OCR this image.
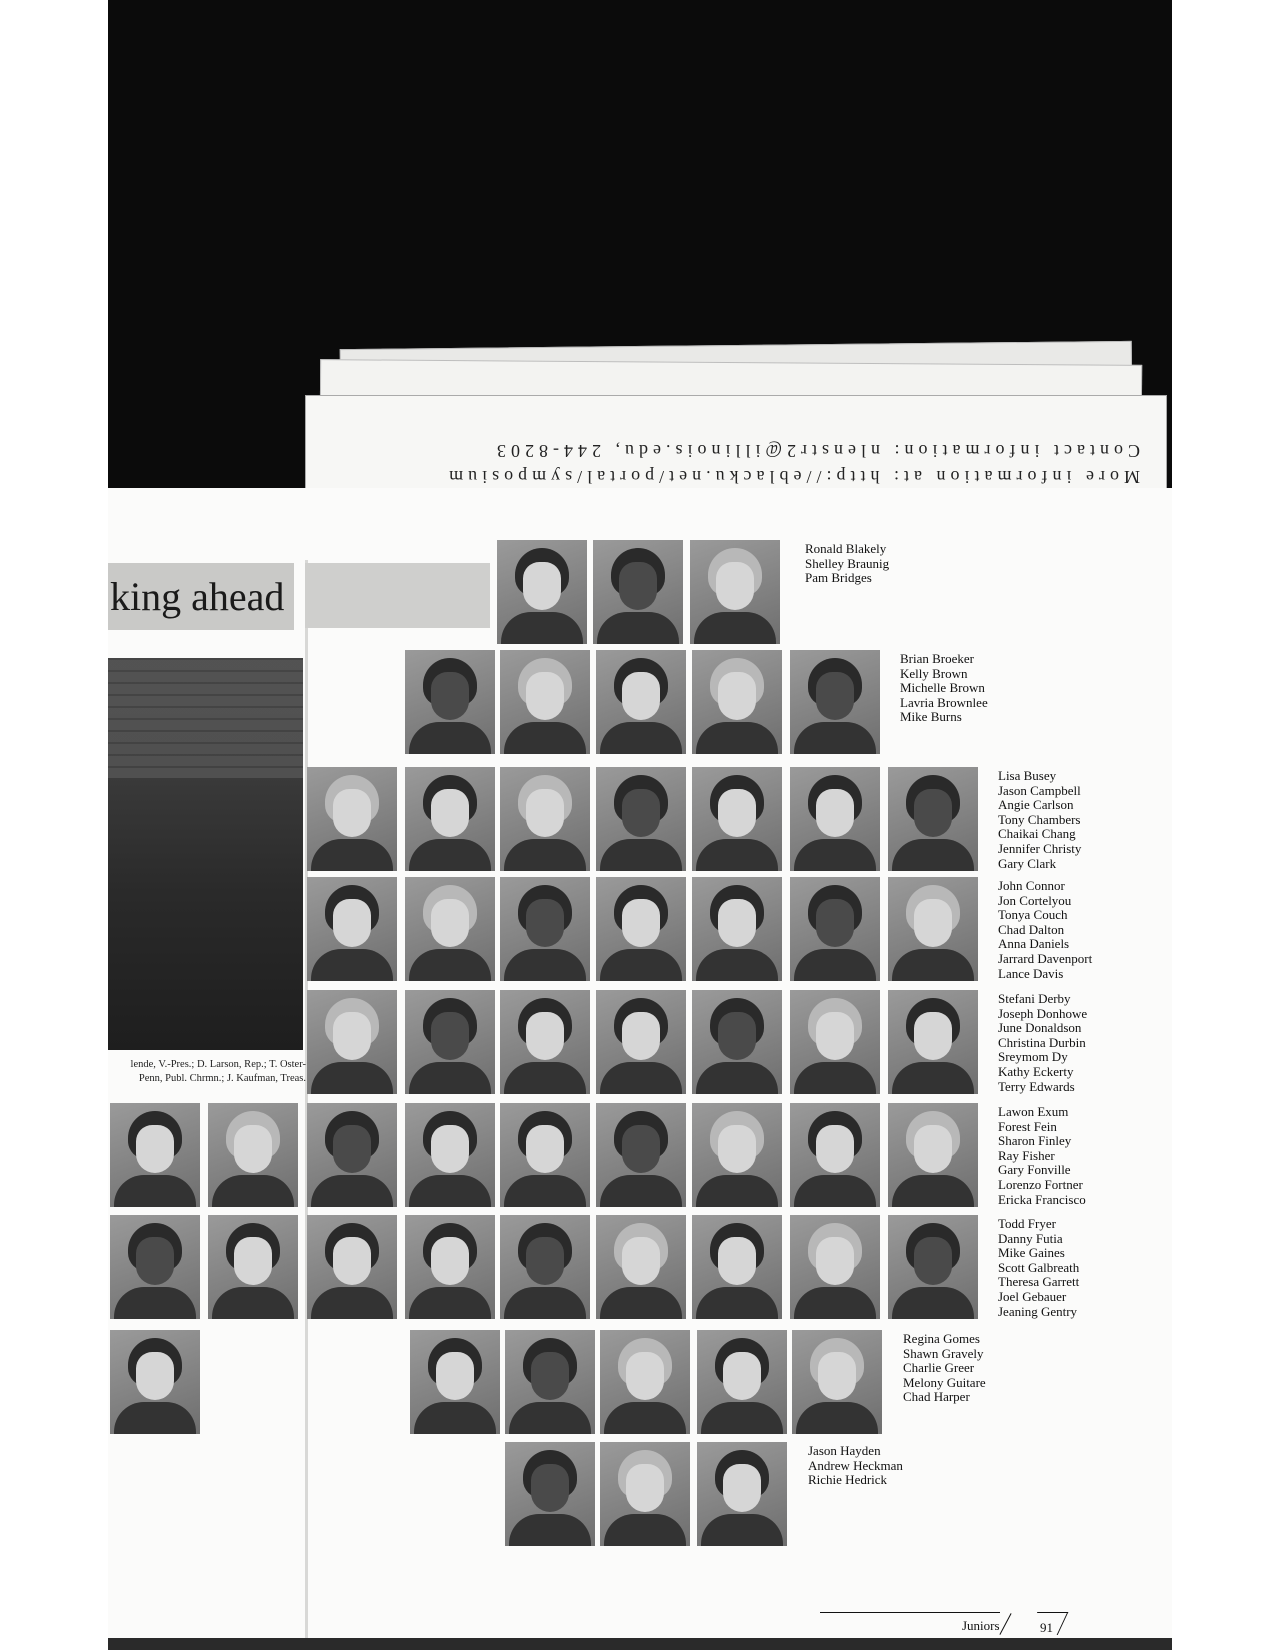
More information at: http://eblacku.net/portal/symposium
Contact information: nlenstr2@illinois.edu, 244-8203
king ahead
lende, V.-Pres.; D. Larson, Rep.; T. Oster- Penn, Publ. Chrmn.; J. Kaufman, Treas.
Juniors	91
Ronald Blakely
Shelley Braunig
Pam Bridges
Brian Broeker
Kelly Brown
Michelle Brown
Lavria Brownlee
Mike Burns
Lisa Busey
Jason Campbell
Angie Carlson
Tony Chambers
Chaikai Chang
Jennifer Christy
Gary Clark
John Connor
Jon Cortelyou
Tonya Couch
Chad Dalton
Anna Daniels
Jarrard Davenport
Lance Davis
Stefani Derby
Joseph Donhowe
June Donaldson
Christina Durbin
Sreymom Dy
Kathy Eckerty
Terry Edwards
Lawon Exum
Forest Fein
Sharon Finley
Ray Fisher
Gary Fonville
Lorenzo Fortner
Ericka Francisco
Todd Fryer
Danny Futia
Mike Gaines
Scott Galbreath
Theresa Garrett
Joel Gebauer
Jeaning Gentry
Regina Gomes
Shawn Gravely
Charlie Greer
Melony Guitare
Chad Harper
Jason Hayden
Andrew Heckman
Richie Hedrick
